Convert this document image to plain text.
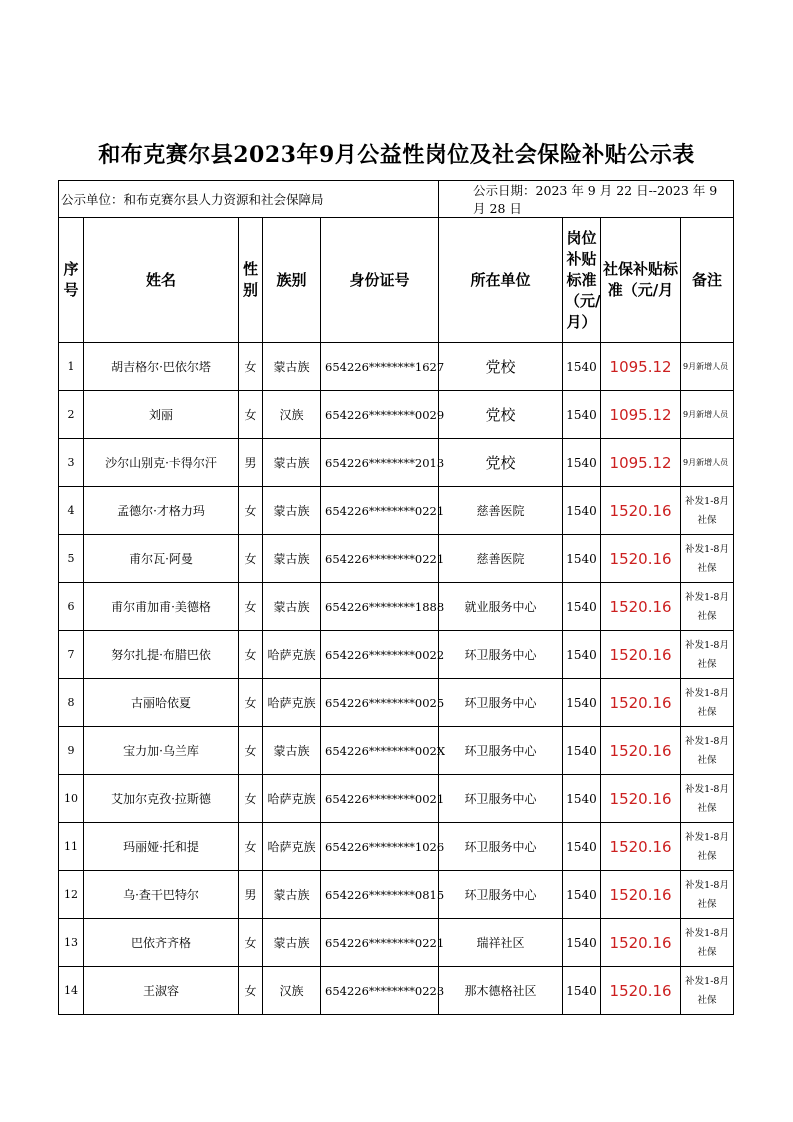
和布克赛尔县2023年9月公益性岗位及社会保险补贴公示表
公示单位：和布克赛尔县人力资源和社会保障局					公示日期：2023 年 9 月 22 日--2023 年 9 月 28 日			
序号	姓名	性别	族别	身份证号	所在单位	岗位补贴标准（元/月）	社保补贴标准（元/月	备注
1	胡吉格尔·巴依尔塔	女	蒙古族	654226********1627	党校	1540	1095.12	9月新增人员
2	刘丽	女	汉族	654226********0029	党校	1540	1095.12	9月新增人员
3	沙尔山别克·卡得尔汗	男	蒙古族	654226********2013	党校	1540	1095.12	9月新增人员
4	孟德尔·才格力玛	女	蒙古族	654226********0221	慈善医院	1540	1520.16	补发1-8月社保
5	甫尔瓦·阿曼	女	蒙古族	654226********0221	慈善医院	1540	1520.16	补发1-8月社保
6	甫尔甫加甫·美德格	女	蒙古族	654226********1888	就业服务中心	1540	1520.16	补发1-8月社保
7	努尔扎提·布腊巴依	女	哈萨克族	654226********0022	环卫服务中心	1540	1520.16	补发1-8月社保
8	古丽哈依夏	女	哈萨克族	654226********0025	环卫服务中心	1540	1520.16	补发1-8月社保
9	宝力加·乌兰库	女	蒙古族	654226********002X	环卫服务中心	1540	1520.16	补发1-8月社保
10	艾加尔克孜·拉斯德	女	哈萨克族	654226********0021	环卫服务中心	1540	1520.16	补发1-8月社保
11	玛丽娅·托和提	女	哈萨克族	654226********1026	环卫服务中心	1540	1520.16	补发1-8月社保
12	乌·查干巴特尔	男	蒙古族	654226********0815	环卫服务中心	1540	1520.16	补发1-8月社保
13	巴依齐齐格	女	蒙古族	654226********0221	瑞祥社区	1540	1520.16	补发1-8月社保
14	王淑容	女	汉族	654226********0223	那木德格社区	1540	1520.16	补发1-8月社保
